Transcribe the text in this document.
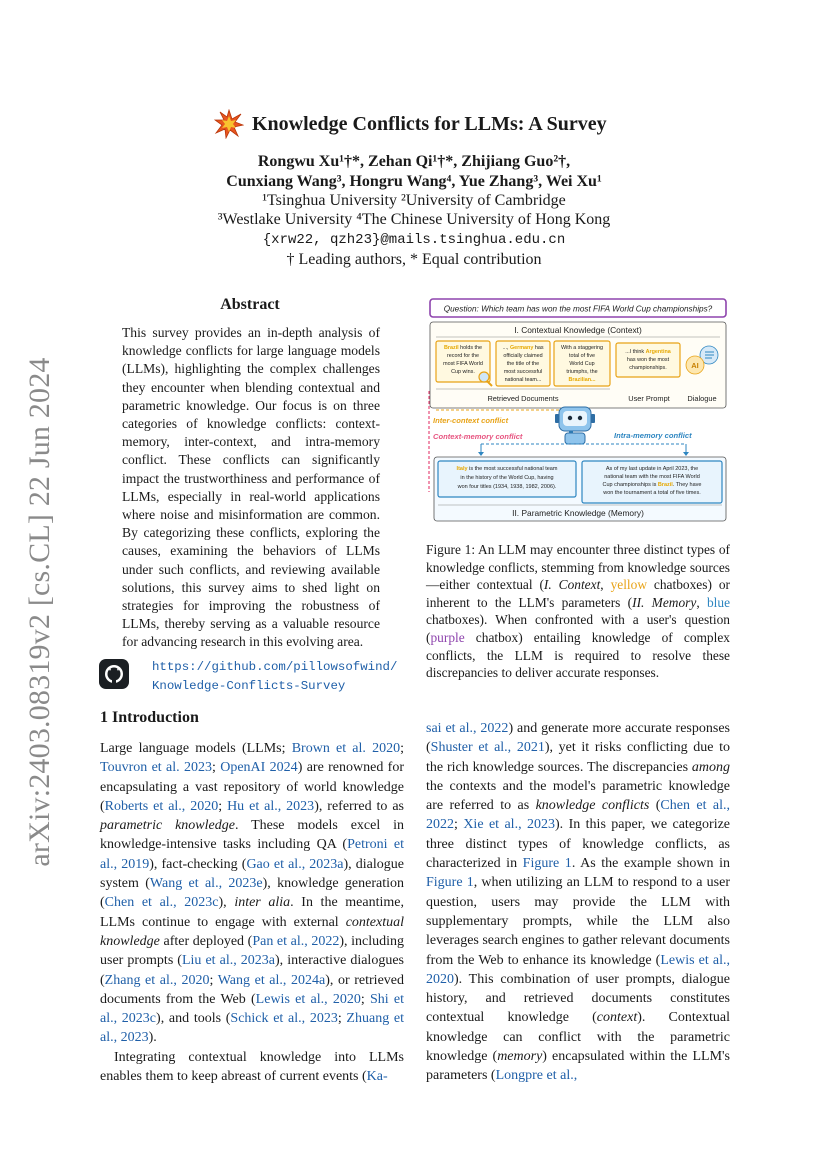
arXiv:2403.08319v2 [cs.CL] 22 Jun 2024
Knowledge Conflicts for LLMs: A Survey
Rongwu Xu¹†*, Zehan Qi¹†*, Zhijiang Guo²†,
Cunxiang Wang³, Hongru Wang⁴, Yue Zhang³, Wei Xu¹
¹Tsinghua University ²University of Cambridge
³Westlake University ⁴The Chinese University of Hong Kong
{xrw22, qzh23}@mails.tsinghua.edu.cn
† Leading authors, * Equal contribution
Abstract
This survey provides an in-depth analysis of knowledge conflicts for large language models (LLMs), highlighting the complex challenges they encounter when blending contextual and parametric knowledge. Our focus is on three categories of knowledge conflicts: context-memory, inter-context, and intra-memory conflict. These conflicts can significantly impact the trustworthiness and performance of LLMs, especially in real-world applications where noise and misinformation are common. By categorizing these conflicts, exploring the causes, examining the behaviors of LLMs under such conflicts, and reviewing available solutions, this survey aims to shed light on strategies for improving the robustness of LLMs, thereby serving as a valuable resource for advancing research in this evolving area.
https://github.com/pillowsofwind/
Knowledge-Conflicts-Survey
Question: Which team has won the most FIFA World Cup championships?
I. Contextual Knowledge (Context)
Brazil holds the
record for the
most FIFA World
Cup wins.
..., Germany has
officially claimed
the title of the
most successful
national team...
With a staggering
total of five
World Cup
triumphs, the
Brazilian...
...I think Argentina
has won the most
championships.	AI
Retrieved Documents	User Prompt Dialogue
Inter-context conflict
Context-memory conflict	Intra-memory conflict
Italy is the most successful national team
in the history of the World Cup, having
won four titles (1934, 1938, 1982, 2006).
As of my last update in April 2023, the
national team with the most FIFA World
Cup championships is Brazil. They have
won the tournament a total of five times.
II. Parametric Knowledge (Memory)
Figure 1: An LLM may encounter three distinct types of knowledge conflicts, stemming from knowledge sources—either contextual (I. Context, yellow chatboxes) or inherent to the LLM's parameters (II. Memory, blue chatboxes). When confronted with a user's question (purple chatbox) entailing knowledge of complex conflicts, the LLM is required to resolve these discrepancies to deliver accurate responses.
1 Introduction
Large language models (LLMs; Brown et al. 2020; Touvron et al. 2023; OpenAI 2024) are renowned for encapsulating a vast repository of world knowledge (Roberts et al., 2020; Hu et al., 2023), referred to as parametric knowledge. These models excel in knowledge-intensive tasks including QA (Petroni et al., 2019), fact-checking (Gao et al., 2023a), dialogue system (Wang et al., 2023e), knowledge generation (Chen et al., 2023c), inter alia. In the meantime, LLMs continue to engage with external contextual knowledge after deployed (Pan et al., 2022), including user prompts (Liu et al., 2023a), interactive dialogues (Zhang et al., 2020; Wang et al., 2024a), or retrieved documents from the Web (Lewis et al., 2020; Shi et al., 2023c), and tools (Schick et al., 2023; Zhuang et al., 2023).
Integrating contextual knowledge into LLMs enables them to keep abreast of current events (Ka-
sai et al., 2022) and generate more accurate responses (Shuster et al., 2021), yet it risks conflicting due to the rich knowledge sources. The discrepancies among the contexts and the model's parametric knowledge are referred to as knowledge conflicts (Chen et al., 2022; Xie et al., 2023). In this paper, we categorize three distinct types of knowledge conflicts, as characterized in Figure 1. As the example shown in Figure 1, when utilizing an LLM to respond to a user question, users may provide the LLM with supplementary prompts, while the LLM also leverages search engines to gather relevant documents from the Web to enhance its knowledge (Lewis et al., 2020). This combination of user prompts, dialogue history, and retrieved documents constitutes contextual knowledge (context). Contextual knowledge can conflict with the parametric knowledge (memory) encapsulated within the LLM's parameters (Longpre et al.,
